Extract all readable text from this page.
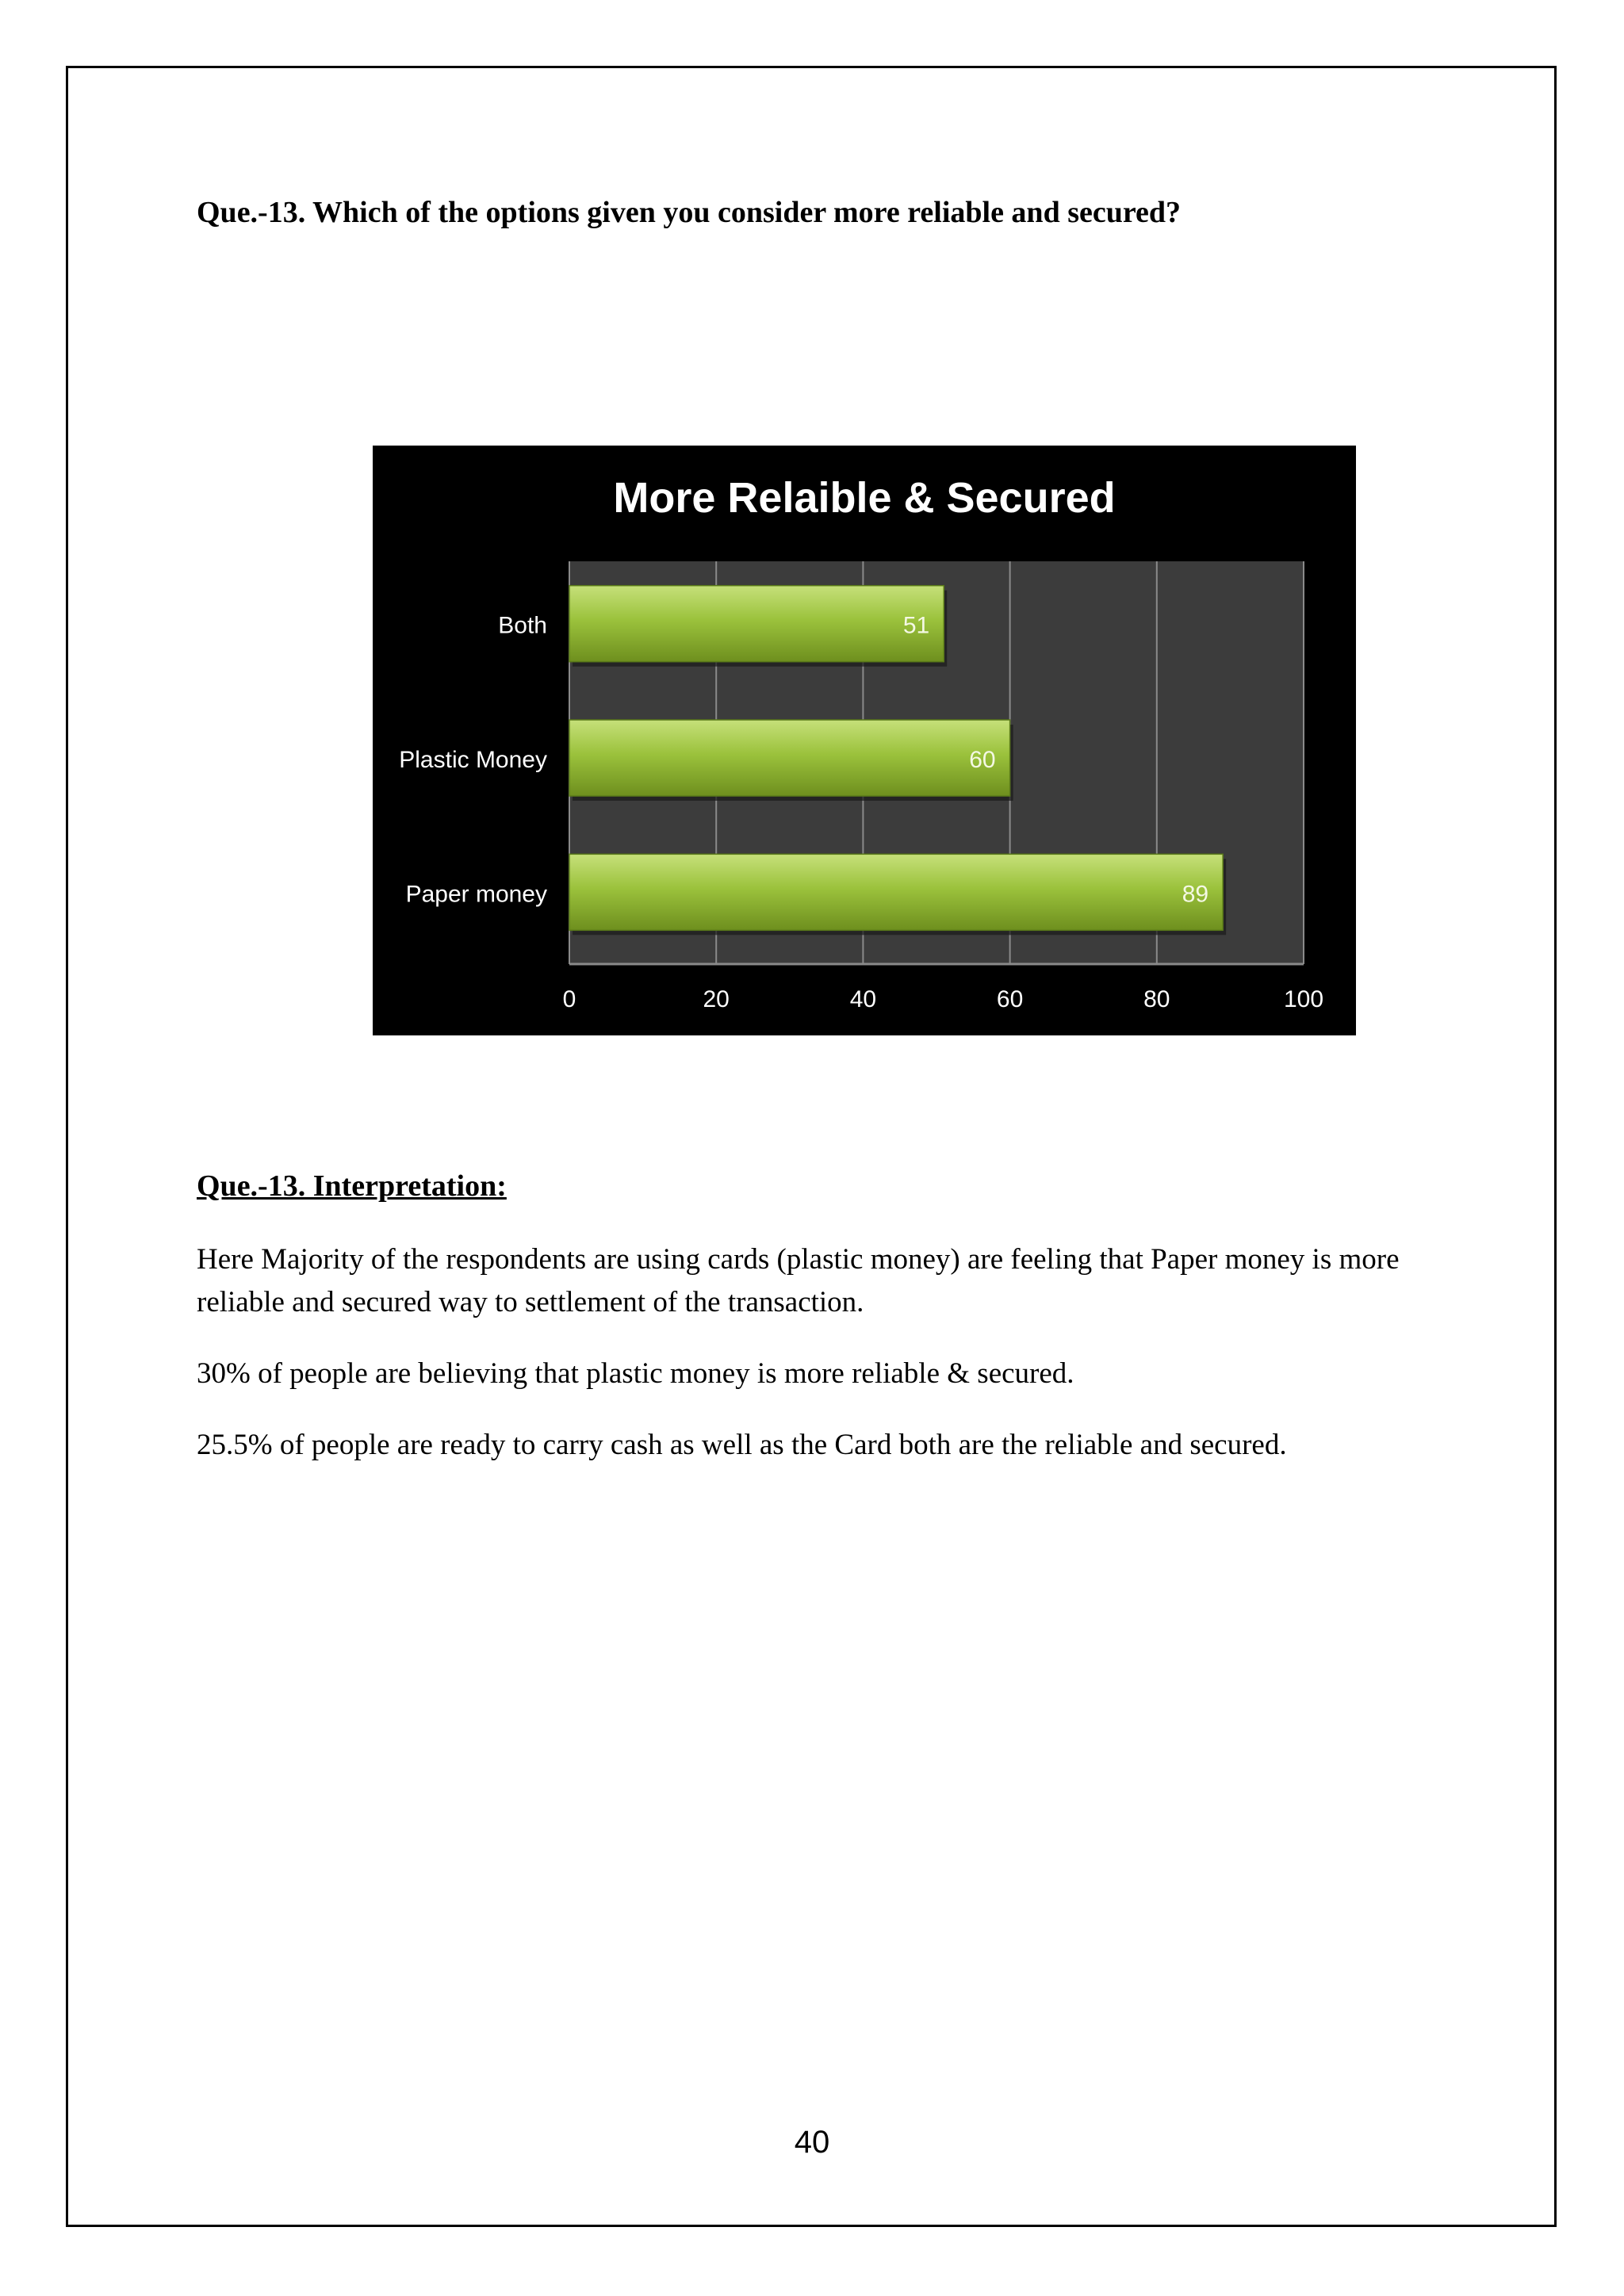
Que.-13. Which of the options given you consider more reliable and secured?

More Relaible & Secured
51
60
89
Both
Plastic Money
Paper money
0	20	40	60	80	100

Que.-13. Interpretation:

Here Majority of the respondents are using cards (plastic money) are feeling that Paper money is more reliable and secured way to settlement of the transaction.

30% of people are believing that plastic money is more reliable & secured.

25.5% of people are ready to carry cash as well as the Card both are the reliable and secured.

40
